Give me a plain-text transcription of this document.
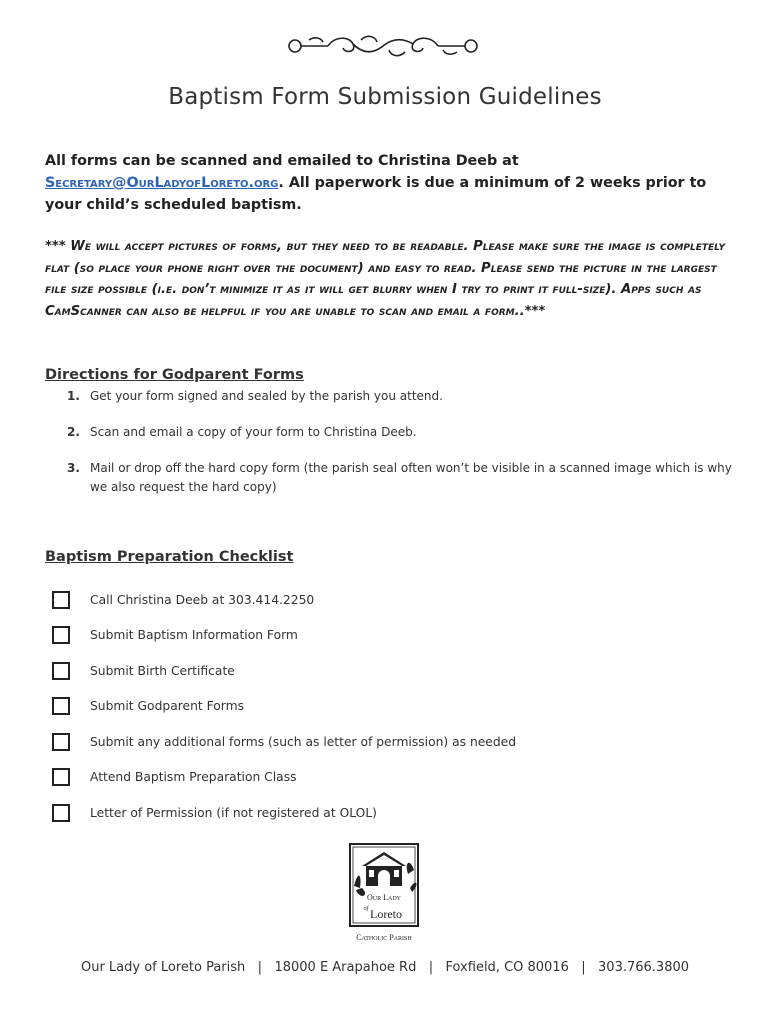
Baptism Form Submission Guidelines
All forms can be scanned and emailed to Christina Deeb at
Secretary@OurLadyofLoreto.org. All paperwork is due a minimum of 2 weeks prior to your child’s scheduled baptism.
*** We will accept pictures of forms, but they need to be readable. Please make sure the image is completely flat (so place your phone right over the document) and easy to read. Please send the picture in the largest file size possible (i.e. don’t minimize it as it will get blurry when I try to print it full-size). Apps such as CamScanner can also be helpful if you are unable to scan and email a form..***
Directions for Godparent Forms
1. Get your form signed and sealed by the parish you attend.
2. Scan and email a copy of your form to Christina Deeb.
3. Mail or drop off the hard copy form (the parish seal often won’t be visible in a scanned image which is why we also request the hard copy)
Baptism Preparation Checklist
Call Christina Deeb at 303.414.2250
Submit Baptism Information Form
Submit Birth Certificate
Submit Godparent Forms
Submit any additional forms (such as letter of permission) as needed
Attend Baptism Preparation Class
Letter of Permission (if not registered at OLOL)
Our Lady
of Loreto
Catholic Parish
Our Lady of Loreto Parish   |   18000 E Arapahoe Rd   |   Foxfield, CO 80016   |   303.766.3800
